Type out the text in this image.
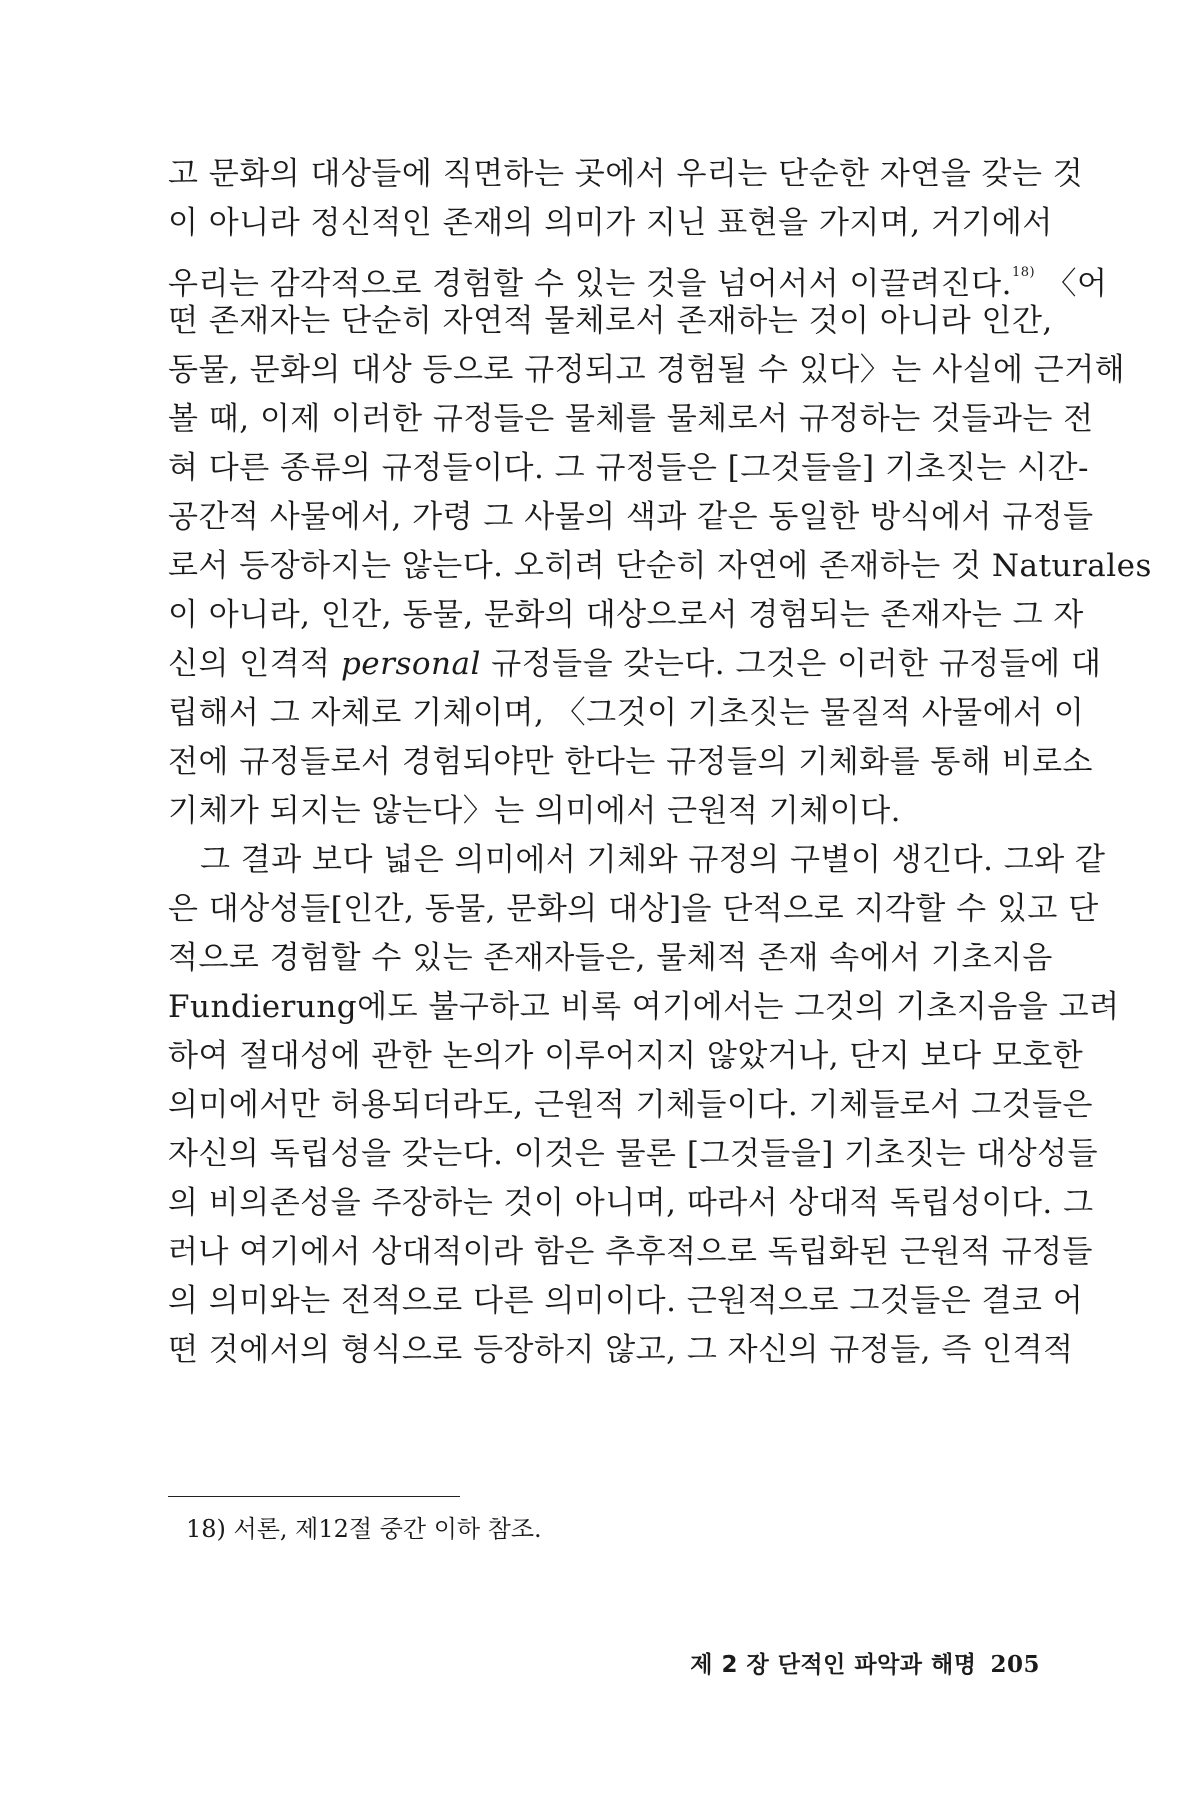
고 문화의 대상들에 직면하는 곳에서 우리는 단순한 자연을 갖는 것
이 아니라 정신적인 존재의 의미가 지닌 표현을 가지며, 거기에서
우리는 감각적으로 경험할 수 있는 것을 넘어서서 이끌려진다.$^{18)}$ 〈어
떤 존재자는 단순히 자연적 물체로서 존재하는 것이 아니라 인간,
동물, 문화의 대상 등으로 규정되고 경험될 수 있다〉는 사실에 근거해
볼 때, 이제 이러한 규정들은 물체를 물체로서 규정하는 것들과는 전
혀 다른 종류의 규정들이다. 그 규정들은 [그것들을] 기초짓는 시간-
공간적 사물에서, 가령 그 사물의 색과 같은 동일한 방식에서 규정들
로서 등장하지는 않는다. 오히려 단순히 자연에 존재하는 것 Naturales
이 아니라, 인간, 동물, 문화의 대상으로서 경험되는 존재자는 그 자
신의 인격적 personal 규정들을 갖는다. 그것은 이러한 규정들에 대
립해서 그 자체로 기체이며, 〈그것이 기초짓는 물질적 사물에서 이
전에 규정들로서 경험되야만 한다는 규정들의 기체화를 통해 비로소
기체가 되지는 않는다〉는 의미에서 근원적 기체이다.
그 결과 보다 넓은 의미에서 기체와 규정의 구별이 생긴다. 그와 같
은 대상성들[인간, 동물, 문화의 대상]을 단적으로 지각할 수 있고 단
적으로 경험할 수 있는 존재자들은, 물체적 존재 속에서 기초지음
Fundierung에도 불구하고 비록 여기에서는 그것의 기초지음을 고려
하여 절대성에 관한 논의가 이루어지지 않았거나, 단지 보다 모호한
의미에서만 허용되더라도, 근원적 기체들이다. 기체들로서 그것들은
자신의 독립성을 갖는다. 이것은 물론 [그것들을] 기초짓는 대상성들
의 비의존성을 주장하는 것이 아니며, 따라서 상대적 독립성이다. 그
러나 여기에서 상대적이라 함은 추후적으로 독립화된 근원적 규정들
의 의미와는 전적으로 다른 의미이다. 근원적으로 그것들은 결코 어
떤 것에서의 형식으로 등장하지 않고, 그 자신의 규정들, 즉 인격적
18) 서론, 제12절 중간 이하 참조.
제 2 장 단적인 파악과 해명 205
